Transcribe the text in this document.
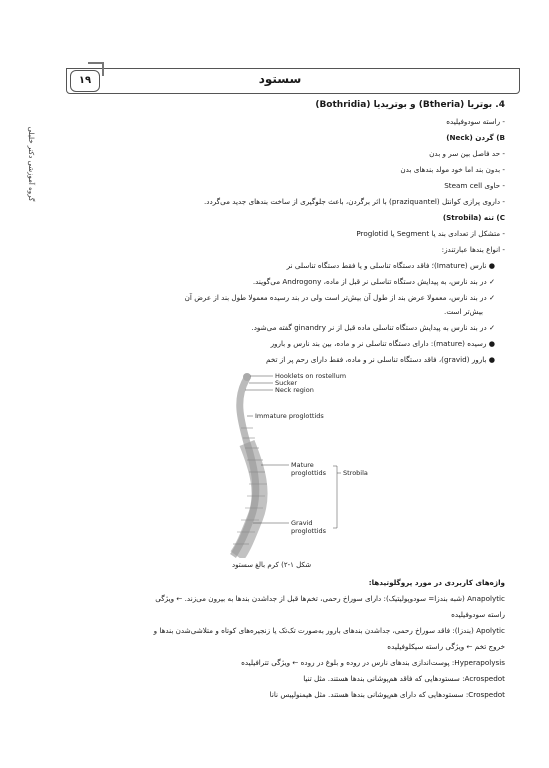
۱۹	سستود
گروه آموزشی دکتر خلیلی
4. بوتریا (Btheria) و بوتریدیا (Bothridia)
- راسته سودوفیلیده
B) گردن (Neck)
- حد فاصل بین سر و بدن
- بدون بند اما خود مولد بندهای بدن
- حاوی Steam cell
- داروی پرازی کوانتل (praziquantel) با اثر برگردن، باعث جلوگیری از ساخت بندهای جدید می‌گردد.
C) تنه (Strobila)
- متشکل از تعدادی بند یا Segment یا Proglotid
- انواع بندها عبارتندز:
● نارس (Imature)؛ فاقد دستگاه تناسلی و یا فقط دستگاه تناسلی نر
✓ در بند نارس، به پیدایش دستگاه تناسلی نر قبل از ماده، Androgony می‌گویند.
✓ در بند نارس، معمولا عرض بند از طول آن بیش‌تر است ولی در بند رسیده معمولا طول بند از عرض آن
بیش‌تر است.
✓ در بند نارس به پیدایش دستگاه تناسلی ماده قبل از نر ginandry گفته می‌شود.
● رسیده (mature): دارای دستگاه تناسلی نر و ماده، بین بند نارس و بارور
● بارور (gravid)، فاقد دستگاه تناسلی نر و ماده، فقط دارای رحم پر از تخم
Hooklets on rostellum
Sucker
Neck region
Immature proglottids
Mature
proglottids	Strobila
Gravid
proglottids
شکل ۱-۲) کرم بالغ سستود
واژه‌های کاربردی در مورد پروگلوتیدها:
Anapolytic (شبه بندزا= سودوپولیتیک): دارای سوراخ رحمی، تخم‌ها قبل از جداشدن بندها به بیرون می‌زند. ← ویژگی
راسته سودوفیلیده
Apolytic (بندزا): فاقد سوراخ رحمی، جداشدن بندهای بارور به‌صورت تک‌تک یا زنجیره‌های کوتاه و متلاشی‌شدن بندها و
خروج تخم ← ویژگی راسته سیکلوفیلیده
Hyperapolysis: پوست‌اندازی بندهای نارس در روده و بلوغ در روده ← ویژگی تترافیلیده
Acrospedot: سستودهایی که فاقد هم‌پوشانی بندها هستند. مثل تنیا
Crospedot: سستودهایی که دارای هم‌پوشانی بندها هستند. مثل هیمنولپیس نانا
